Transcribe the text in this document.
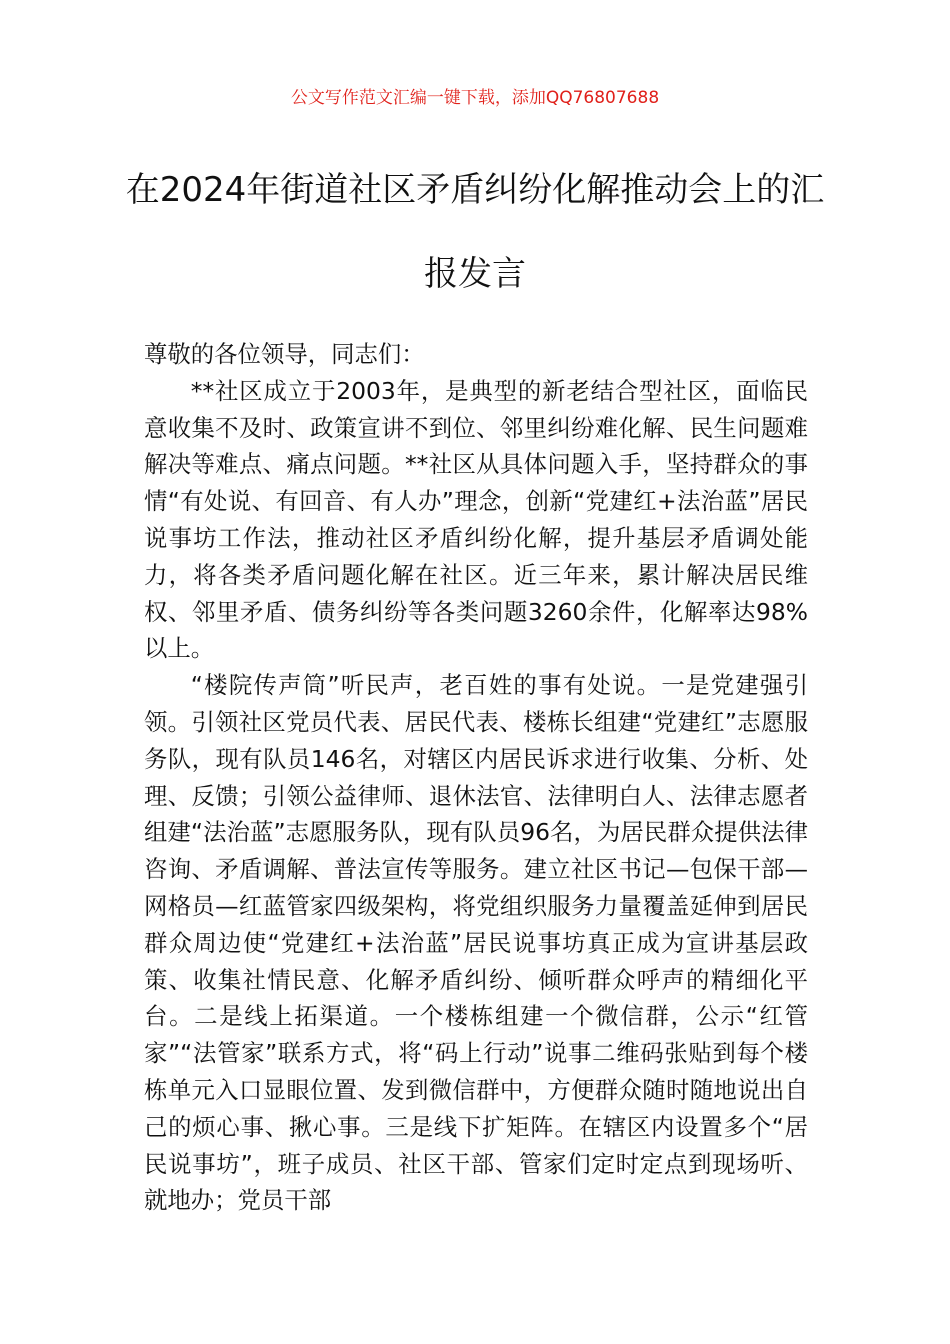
公文写作范文汇编一键下载，添加QQ76807688
在2024年街道社区矛盾纠纷化解推动会上的汇报发言

尊敬的各位领导，同志们：

**社区成立于2003年，是典型的新老结合型社区，面临民意收集不及时、政策宣讲不到位、邻里纠纷难化解、民生问题难解决等难点、痛点问题。**社区从具体问题入手，坚持群众的事情“有处说、有回音、有人办”理念，创新“党建红+法治蓝”居民说事坊工作法，推动社区矛盾纠纷化解，提升基层矛盾调处能力，将各类矛盾问题化解在社区。近三年来，累计解决居民维权、邻里矛盾、债务纠纷等各类问题3260余件，化解率达98%以上。

“楼院传声筒”听民声，老百姓的事有处说。一是党建强引领。引领社区党员代表、居民代表、楼栋长组建“党建红”志愿服务队，现有队员146名，对辖区内居民诉求进行收集、分析、处理、反馈；引领公益律师、退休法官、法律明白人、法律志愿者组建“法治蓝”志愿服务队，现有队员96名，为居民群众提供法律咨询、矛盾调解、普法宣传等服务。建立社区书记—包保干部—网格员—红蓝管家四级架构，将党组织服务力量覆盖延伸到居民群众周边使“党建红+法治蓝”居民说事坊真正成为宣讲基层政策、收集社情民意、化解矛盾纠纷、倾听群众呼声的精细化平台。二是线上拓渠道。一个楼栋组建一个微信群，公示“红管家”“法管家”联系方式，将“码上行动”说事二维码张贴到每个楼栋单元入口显眼位置、发到微信群中，方便群众随时随地说出自己的烦心事、揪心事。三是线下扩矩阵。在辖区内设置多个“居民说事坊”，班子成员、社区干部、管家们定时定点到现场听、就地办；党员干部
